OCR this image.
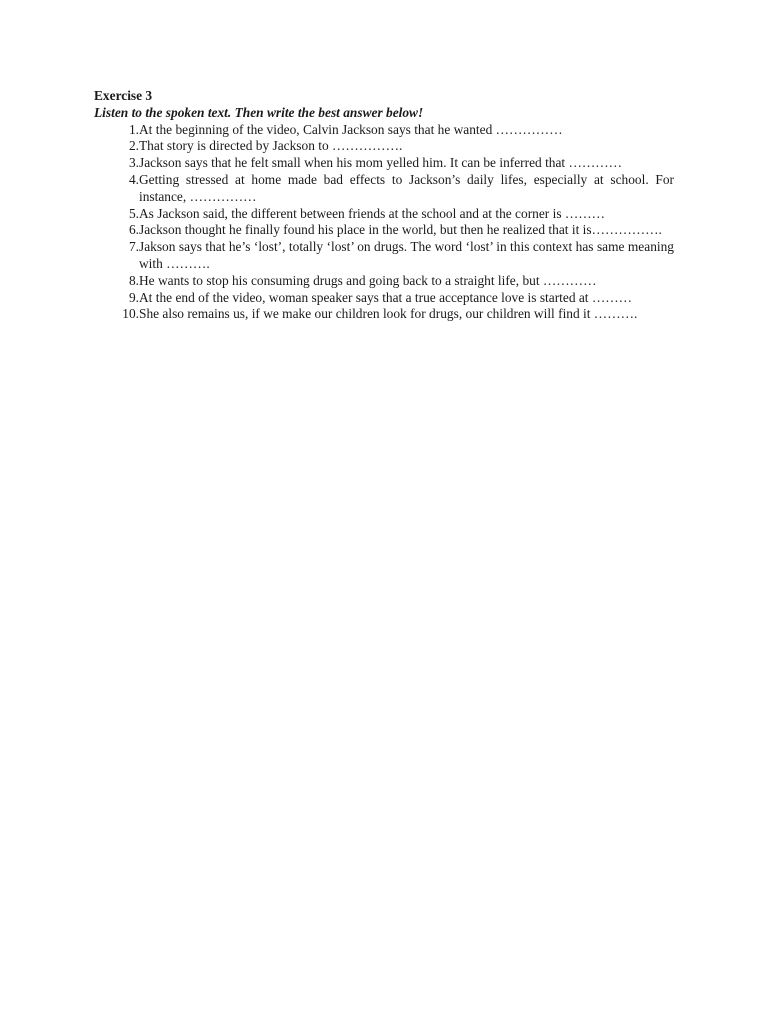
Exercise 3

Listen to the spoken text. Then write the best answer below!

1. At the beginning of the video, Calvin Jackson says that he wanted ……………
2. That story is directed by Jackson to …………….
3. Jackson says that he felt small when his mom yelled him. It can be inferred that …………
4. Getting stressed at home made bad effects to Jackson’s daily lifes, especially at school. For instance, ……………
5. As Jackson said, the different between friends at the school and at the corner is ………
6. Jackson thought he finally found his place in the world, but then he realized that it is…………….
7. Jakson says that he’s ‘lost’, totally ‘lost’ on drugs. The word ‘lost’ in this context has same meaning with ……….
8. He wants to stop his consuming drugs and going back to a straight life, but …………
9. At the end of the video, woman speaker says that a true acceptance love is started at ………
10. She also remains us, if we make our children look for drugs, our children will find it ……….
